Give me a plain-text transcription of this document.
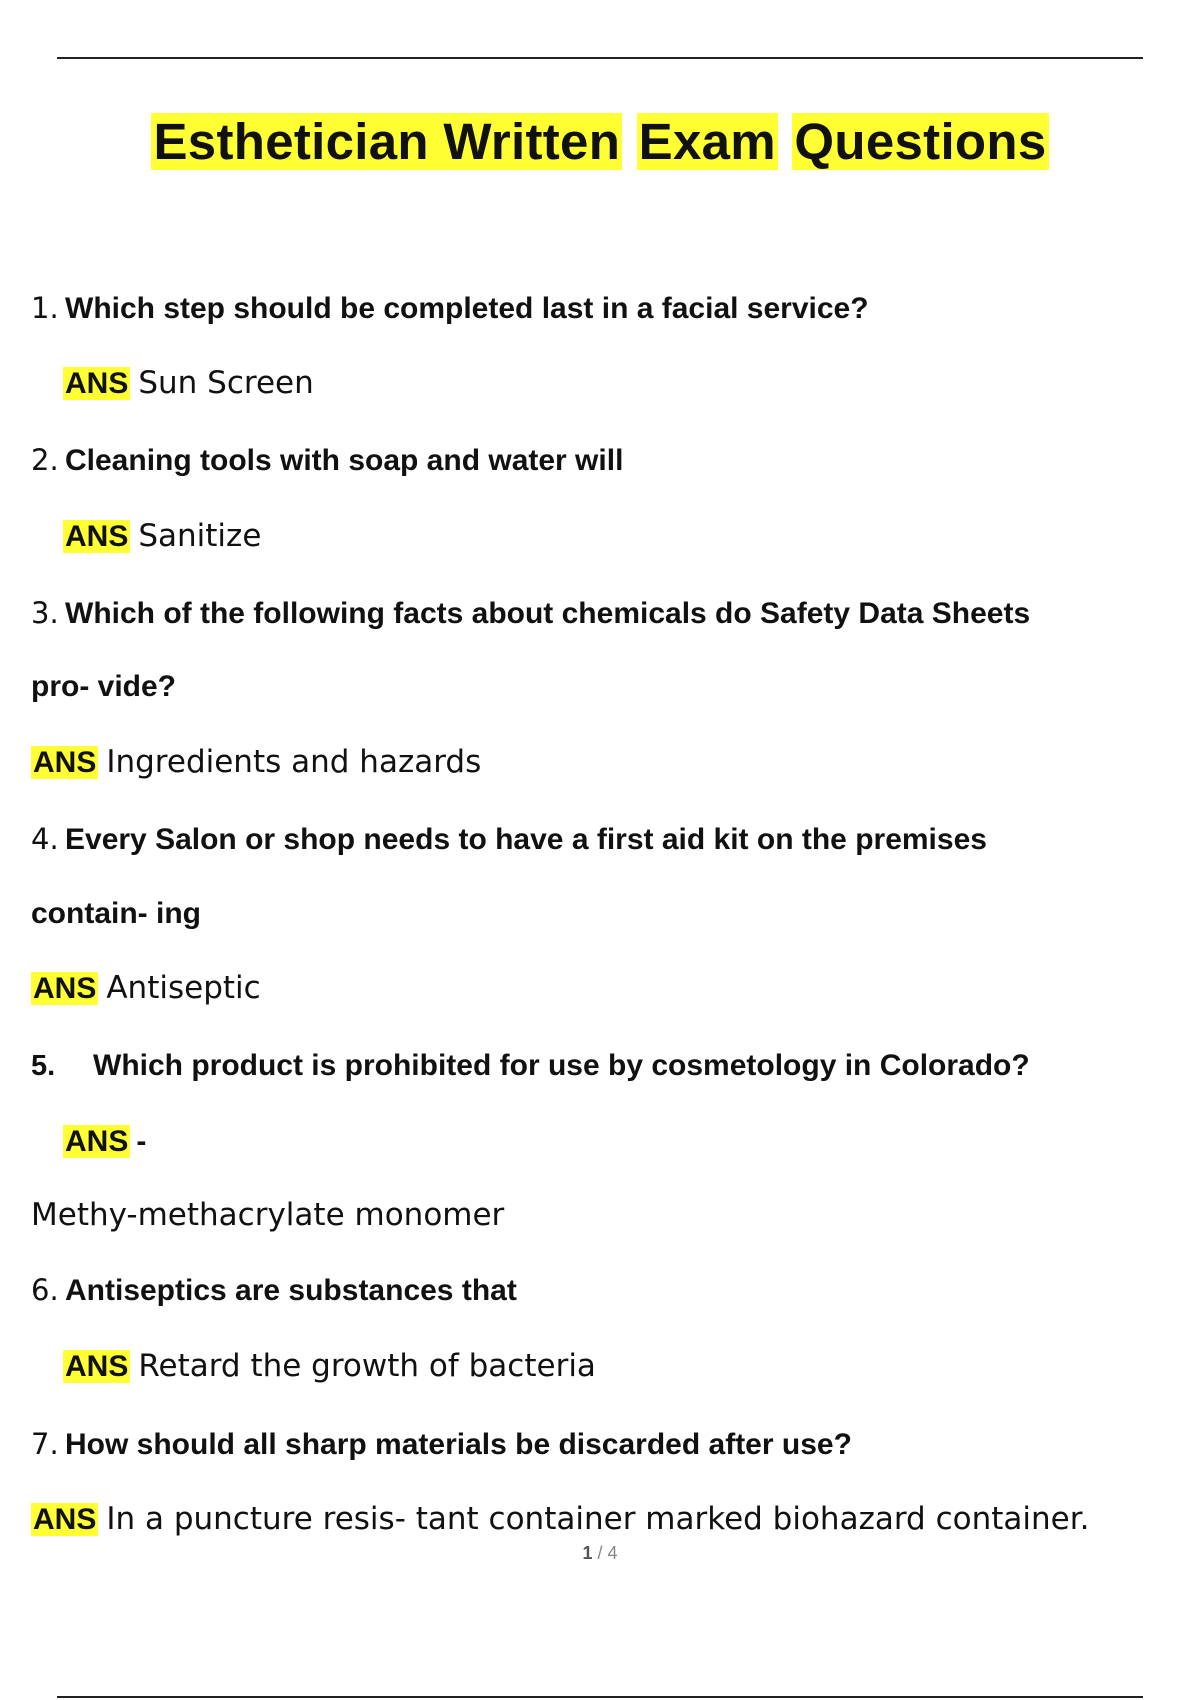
Esthetician Written Exam Questions
1. Which step should be completed last in a facial service?
ANS Sun Screen
2. Cleaning tools with soap and water will
ANS Sanitize
3. Which of the following facts about chemicals do Safety Data Sheets
pro- vide?
ANS Ingredients and hazards
4. Every Salon or shop needs to have a first aid kit on the premises
contain- ing
ANS Antiseptic
5. Which product is prohibited for use by cosmetology in Colorado?
ANS -
Methy-methacrylate monomer
6. Antiseptics are substances that
ANS Retard the growth of bacteria
7. How should all sharp materials be discarded after use?
ANS In a puncture resis- tant container marked biohazard container.
1 / 4
